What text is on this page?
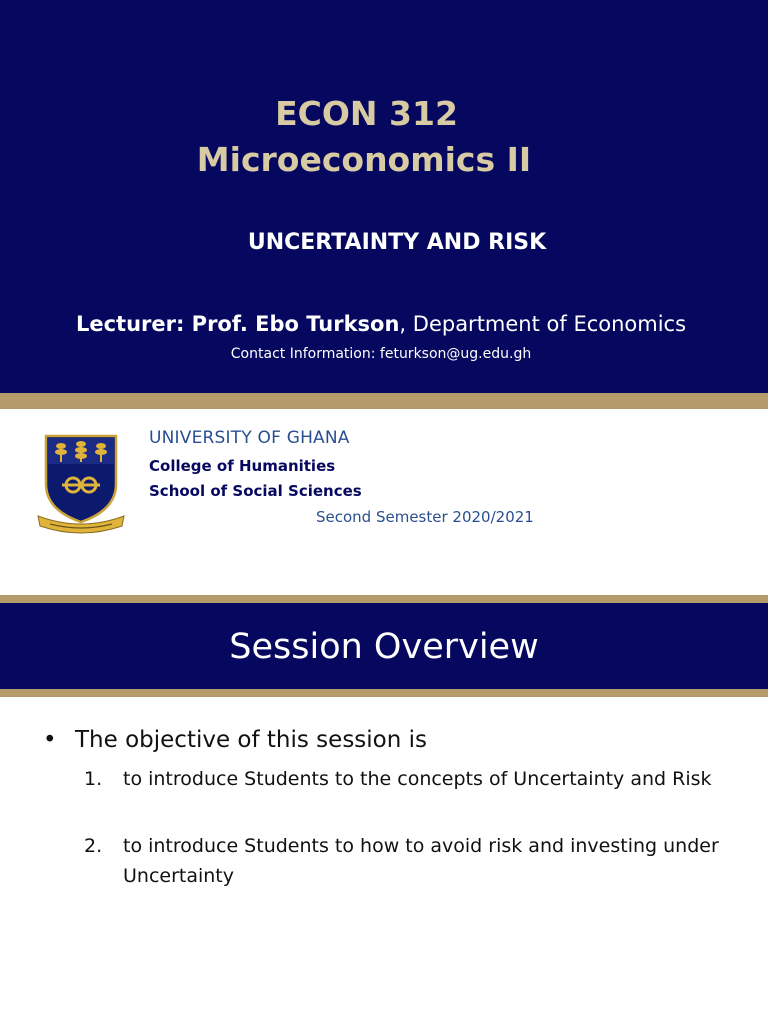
ECON 312
Microeconomics II
UNCERTAINTY AND RISK
Lecturer: Prof. Ebo Turkson, Department of Economics
Contact Information: feturkson@ug.edu.gh
UNIVERSITY OF GHANA
College of Humanities
School of Social Sciences
Second Semester 2020/2021
Session Overview
• The objective of this session is
1. to introduce Students to the concepts of Uncertainty and Risk
2. to introduce Students to how to avoid risk and investing under Uncertainty
